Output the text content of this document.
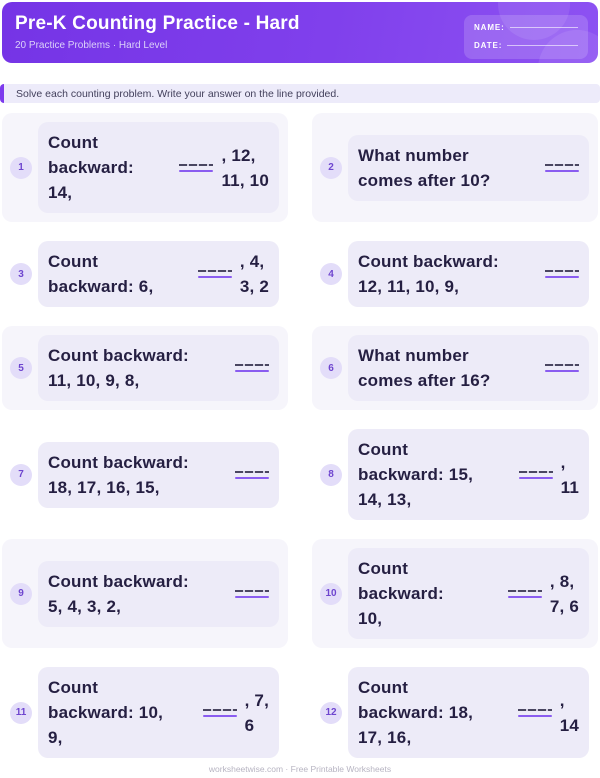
Pre-K Counting Practice - Hard
20 Practice Problems · Hard Level
NAME:
DATE:
Solve each counting problem. Write your answer on the line provided.
1
Count
backward:
14,
, 12,
11, 10
2
What number
comes after 10?
3
Count
backward: 6,
, 4,
3, 2
4
Count backward:
12, 11, 10, 9,
5
Count backward:
11, 10, 9, 8,
6
What number
comes after 16?
7
Count backward:
18, 17, 16, 15,
8
Count
backward: 15,
14, 13,
,
11
9
Count backward:
5, 4, 3, 2,
10
Count
backward:
10,
, 8,
7, 6
11
Count
backward: 10,
9,
, 7,
6
12
Count
backward: 18,
17, 16,
,
14
worksheetwise.com · Free Printable Worksheets
